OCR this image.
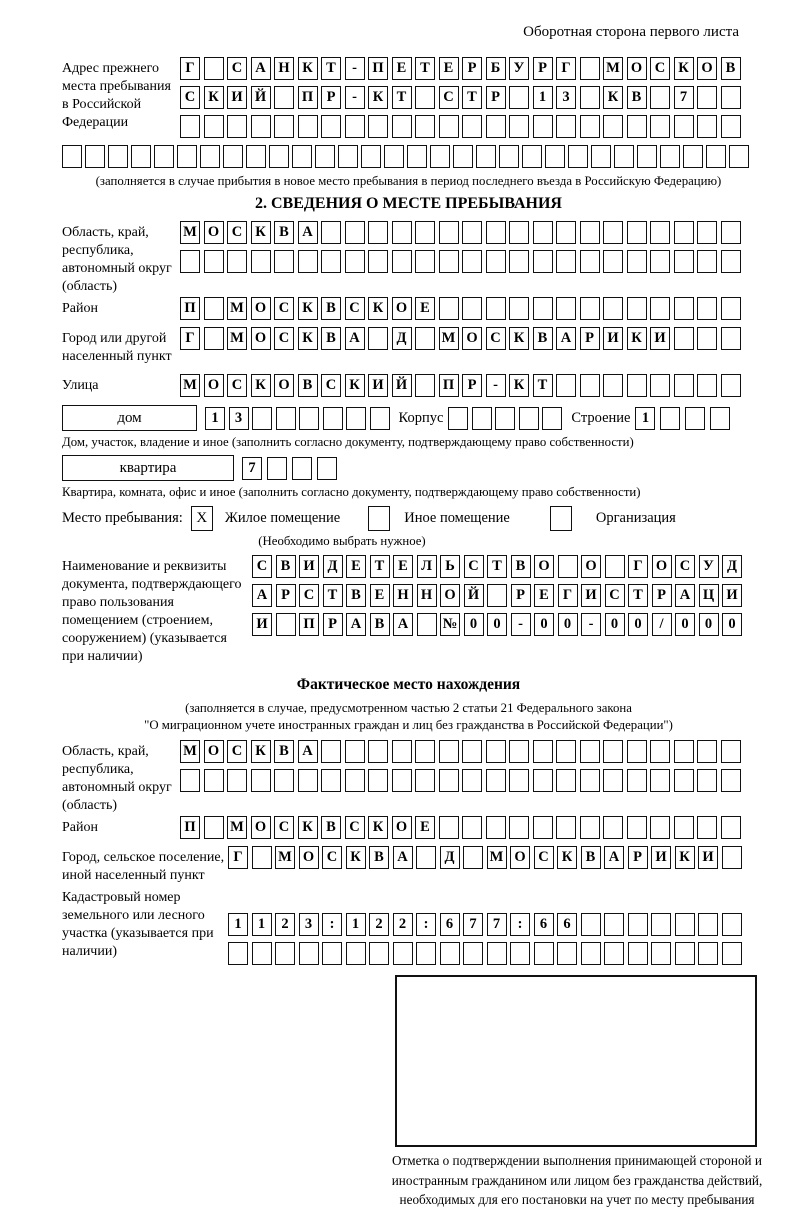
Оборотная сторона первого листа
Адрес прежнего места пребывания в Российской Федерации
Г	С А Н К Т	-	П Е Т Е Р Б У Р Г	М О С К О В
С К И Й	П Р	-	К Т	С Т Р	1	3	К В	7
(заполняется в случае прибытия в новое место пребывания в период последнего въезда в Российскую Федерацию)
2. СВЕДЕНИЯ О МЕСТЕ ПРЕБЫВАНИЯ
Область, край, республика, автономный округ (область)
М О С К В А
Район	П	М О С К В С К О Е
Город или другой населенный пункт
Г	М О С К В А	Д	М О С К В А Р И К И
Улица	М О С К О В С К И Й	П Р	-	К Т
дом	1	3	Корпус	Строение 1
Дом, участок, владение и иное (заполнить согласно документу, подтверждающему право собственности)
квартира	7
Квартира, комната, офис и иное (заполнить согласно документу, подтверждающему право собственности)
Место пребывания: X	Жилое помещение	Иное помещение	Организация
(Необходимо выбрать нужное)
Наименование и реквизиты документа, подтверждающего право пользования помещением (строением, сооружением) (указывается при наличии)
С В И Д Е Т Е Л Ь С Т В О	О	Г О С У Д
А Р С Т В Е Н Н О Й	Р Е Г И С Т Р А Ц И
И	П Р А В А	№ 0	0	-	0	0	-	0	0	/	0	0	0
Фактическое место нахождения
(заполняется в случае, предусмотренном частью 2 статьи 21 Федерального закона
"О миграционном учете иностранных граждан и лиц без гражданства в Российской Федерации")
Область, край, республика, автономный округ (область)
М О С К В А
Район	П	М О С К В С К О Е
Город, сельское поселение, иной населенный пункт
Г	М О С К В А	Д	М О С К В А Р И К И
Кадастровый номер земельного или лесного участка (указывается при наличии)
1	1	2	3	:	1	2	2	:	6	7	7	:	6	6
Отметка о подтверждении выполнения принимающей стороной и иностранным гражданином или лицом без гражданства действий, необходимых для его постановки на учет по месту пребывания
